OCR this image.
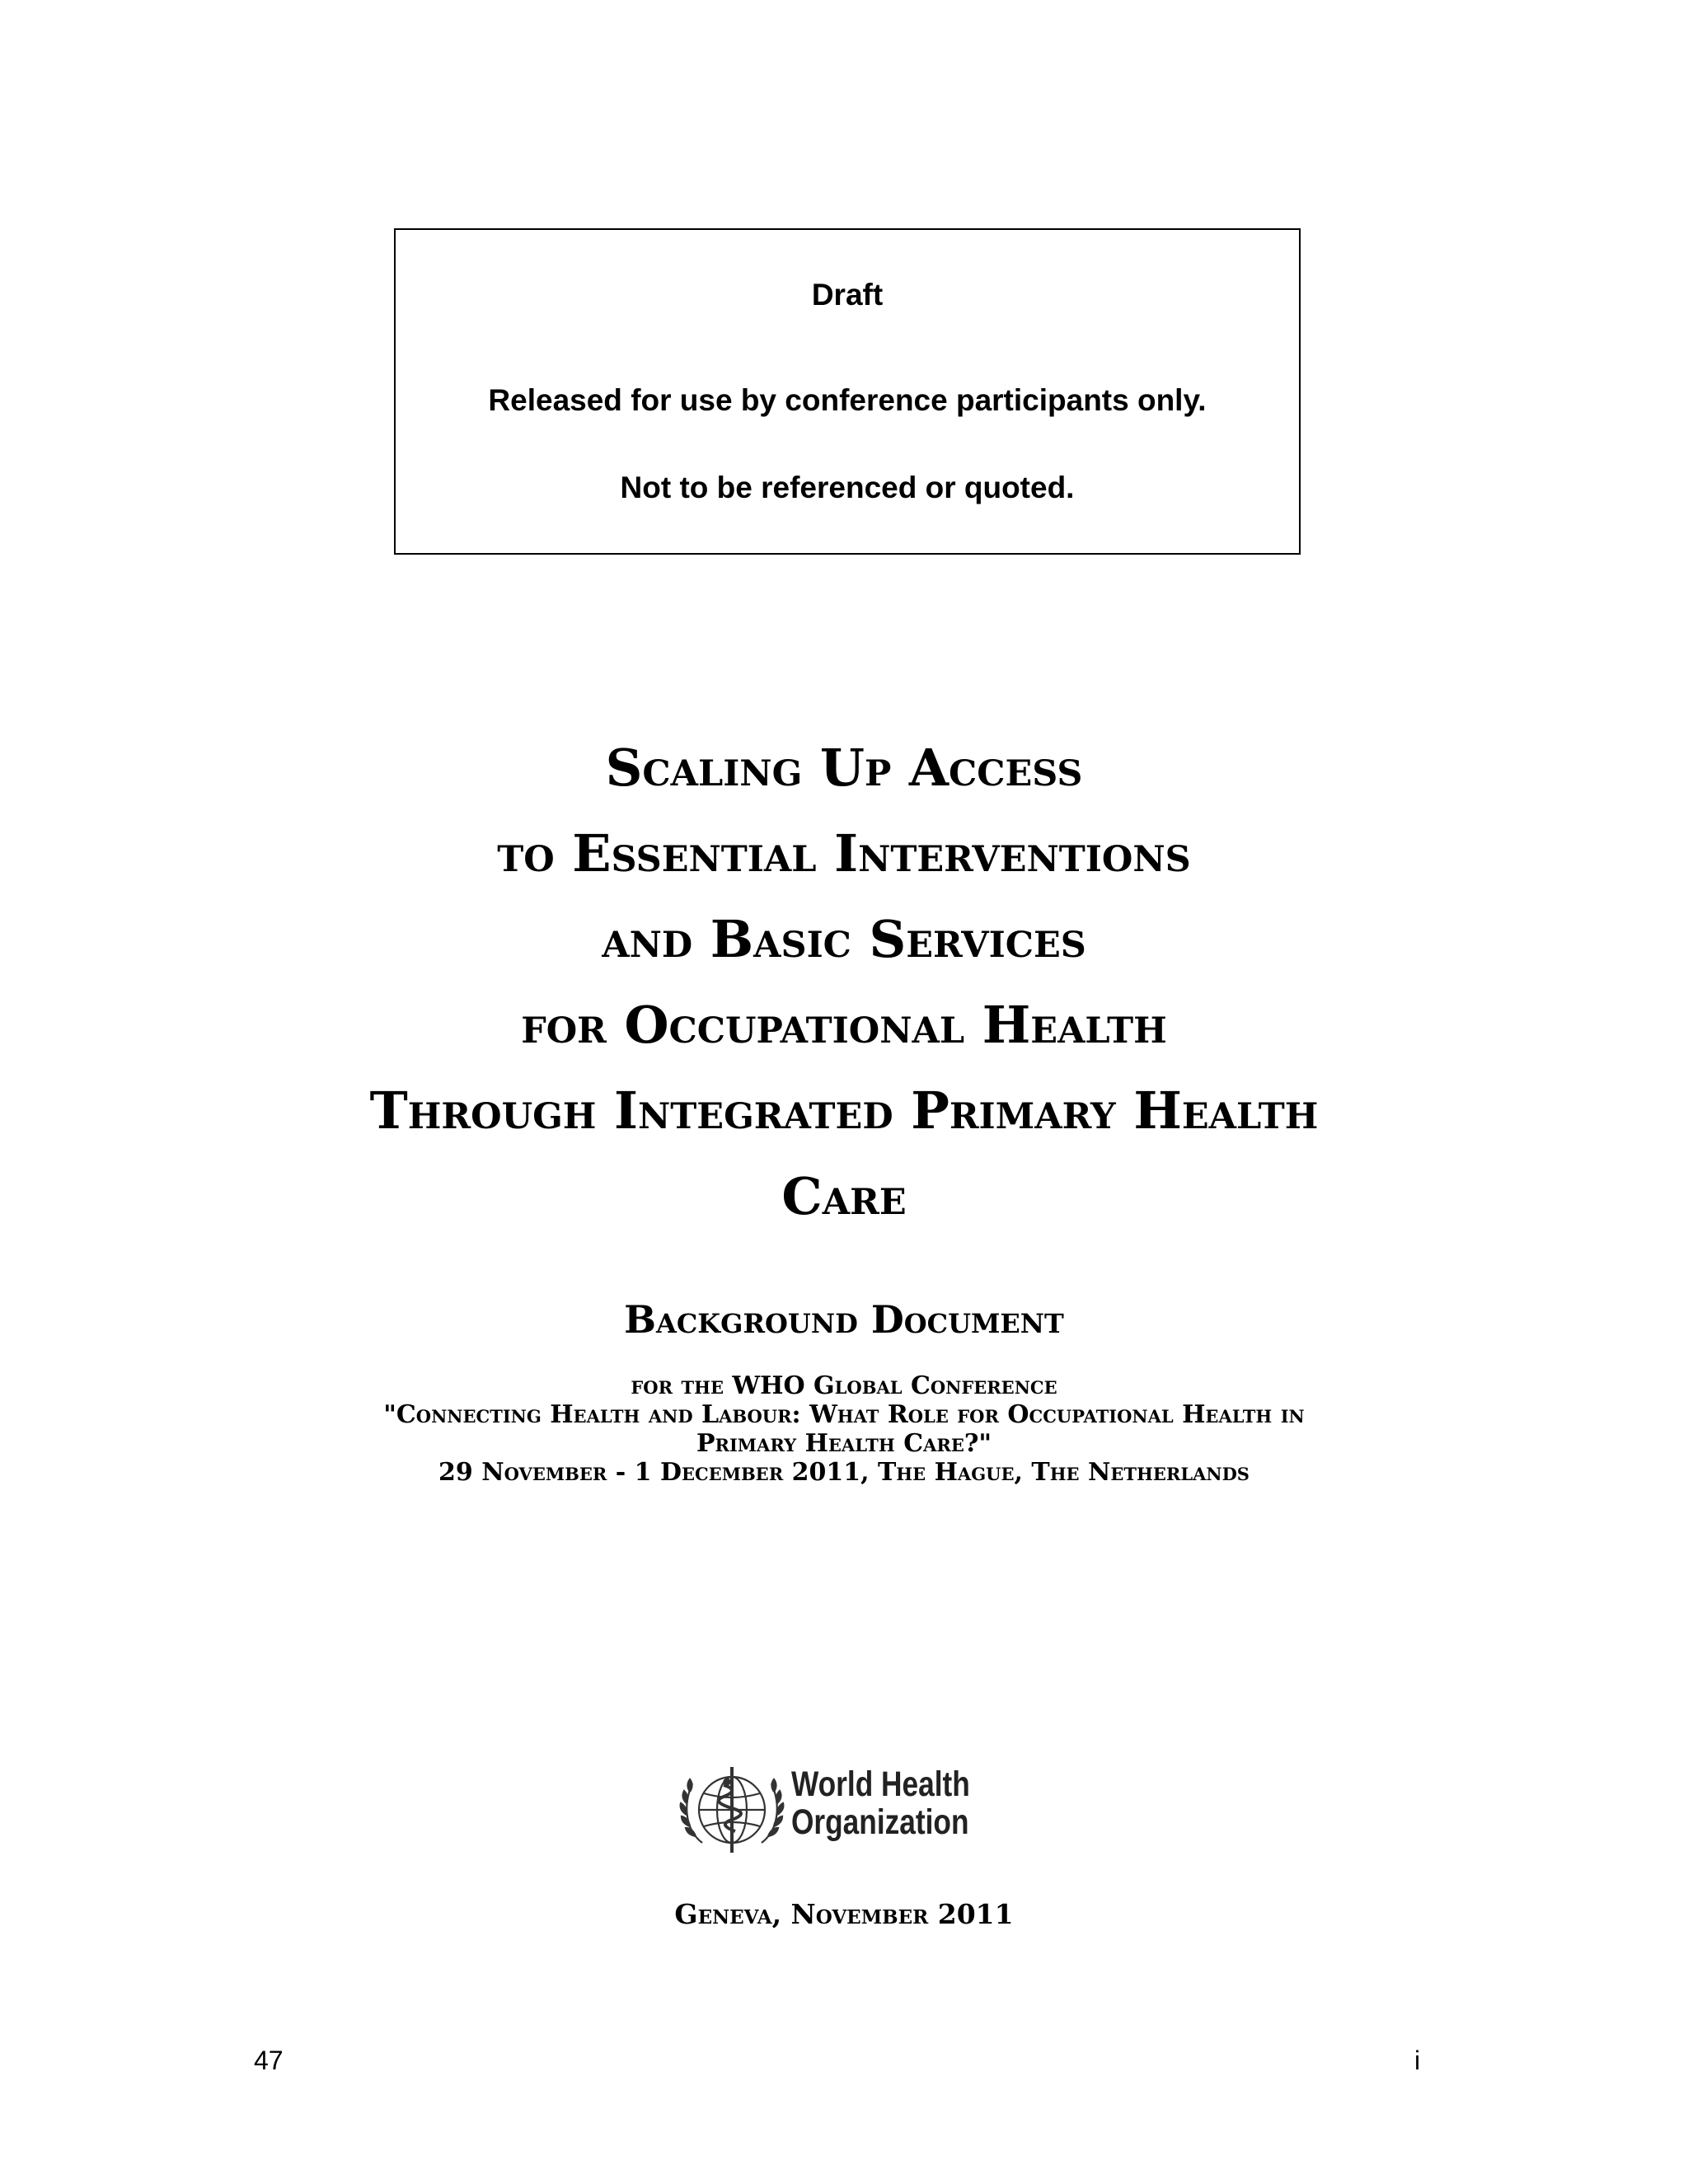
Draft
Released for use by conference participants only.
Not to be referenced or quoted.
Scaling Up Access
to Essential Interventions
and Basic Services
for Occupational Health
Through Integrated Primary Health
Care
Background Document
for the WHO Global Conference
"Connecting Health and Labour: What Role for Occupational Health in
Primary Health Care?"
29 November - 1 December 2011, The Hague, The Netherlands
World Health
Organization
Geneva, November 2011
47	i
